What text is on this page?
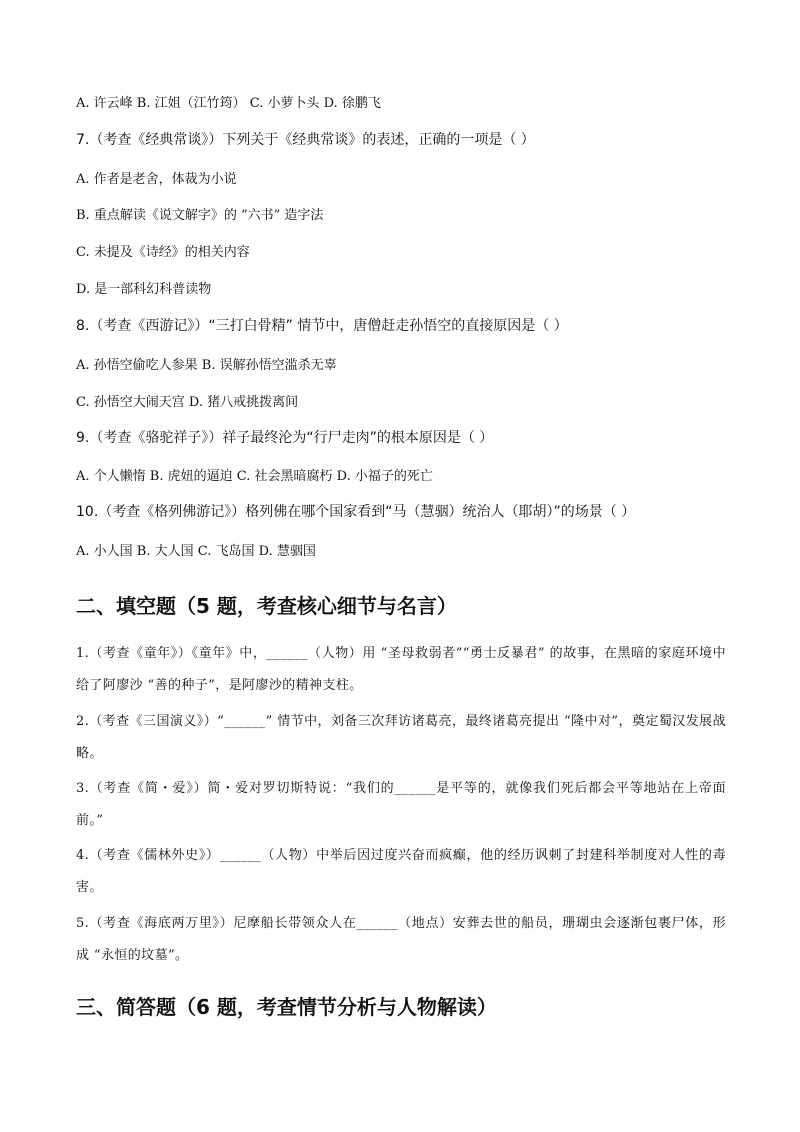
A. 许云峰 B. 江姐（江竹筠） C. 小萝卜头 D. 徐鹏飞

7.（考查《经典常谈》）下列关于《经典常谈》的表述，正确的一项是（ ）

A. 作者是老舍，体裁为小说

B. 重点解读《说文解字》的 “六书” 造字法

C. 未提及《诗经》的相关内容

D. 是一部科幻科普读物

8.（考查《西游记》）“三打白骨精” 情节中，唐僧赶走孙悟空的直接原因是（ ）

A. 孙悟空偷吃人参果 B. 误解孙悟空滥杀无辜

C. 孙悟空大闹天宫 D. 猪八戒挑拨离间

9.（考查《骆驼祥子》）祥子最终沦为“行尸走肉”的根本原因是（ ）

A. 个人懒惰 B. 虎妞的逼迫 C. 社会黑暗腐朽 D. 小福子的死亡

10.（考查《格列佛游记》）格列佛在哪个国家看到“马（慧骃）统治人（耶胡）”的场景（ ）

A. 小人国 B. 大人国 C. 飞岛国 D. 慧骃国

二、填空题（5 题，考查核心细节与名言）

1.（考查《童年》）《童年》中，______（人物）用 “圣母救弱者”“勇士反暴君” 的故事，在黑暗的家庭环境中给了阿廖沙 “善的种子”，是阿廖沙的精神支柱。

2.（考查《三国演义》）“______” 情节中，刘备三次拜访诸葛亮，最终诸葛亮提出 “隆中对”，奠定蜀汉发展战略。

3.（考查《简・爱》）简・爱对罗切斯特说：“我们的______是平等的，就像我们死后都会平等地站在上帝面前。”

4.（考查《儒林外史》）______（人物）中举后因过度兴奋而疯癫，他的经历讽刺了封建科举制度对人性的毒害。

5.（考查《海底两万里》）尼摩船长带领众人在______（地点）安葬去世的船员，珊瑚虫会逐渐包裹尸体，形成 “永恒的坟墓”。

三、简答题（6 题，考查情节分析与人物解读）
